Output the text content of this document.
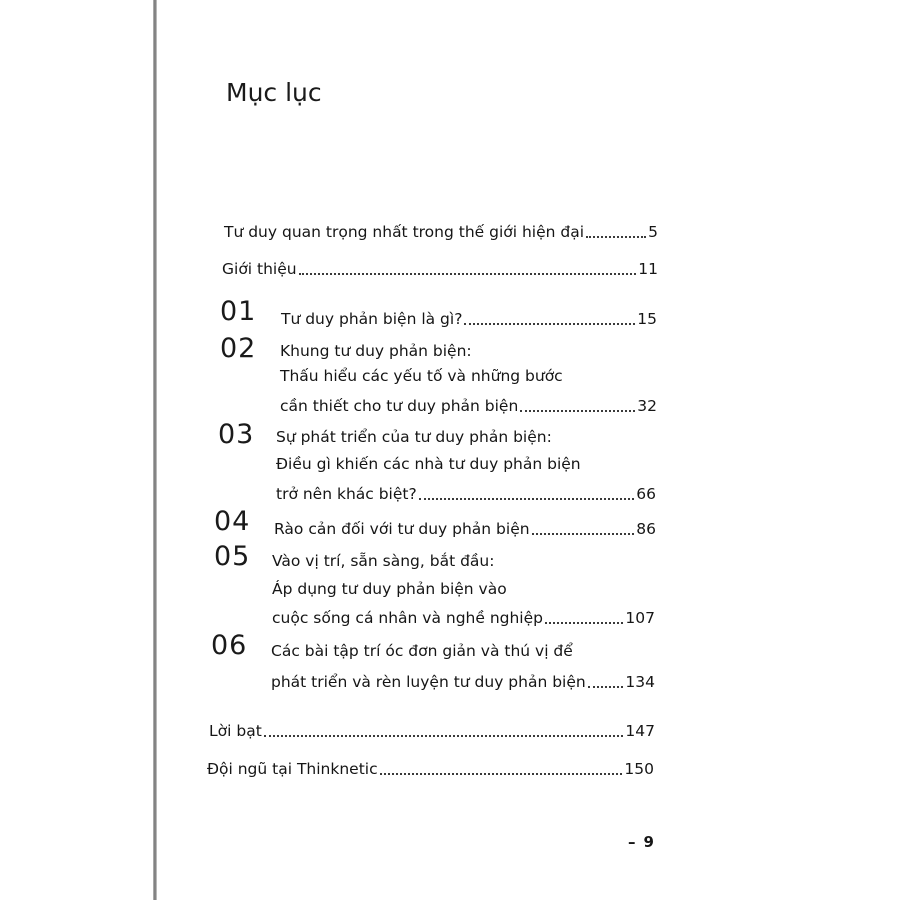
Mục lục
Tư duy quan trọng nhất trong thế giới hiện đại	5
Giới thiệu	11
01 Tư duy phản biện là gì?	15
02 Khung tư duy phản biện:
Thấu hiểu các yếu tố và những bước
cần thiết cho tư duy phản biện	32
03 Sự phát triển của tư duy phản biện:
Điều gì khiến các nhà tư duy phản biện
trở nên khác biệt?	66
04 Rào cản đối với tư duy phản biện	86
05 Vào vị trí, sẵn sàng, bắt đầu:
Áp dụng tư duy phản biện vào
cuộc sống cá nhân và nghề nghiệp	107
06 Các bài tập trí óc đơn giản và thú vị để
phát triển và rèn luyện tư duy phản biện	134
Lời bạt	147
Đội ngũ tại Thinknetic	150
– 9
